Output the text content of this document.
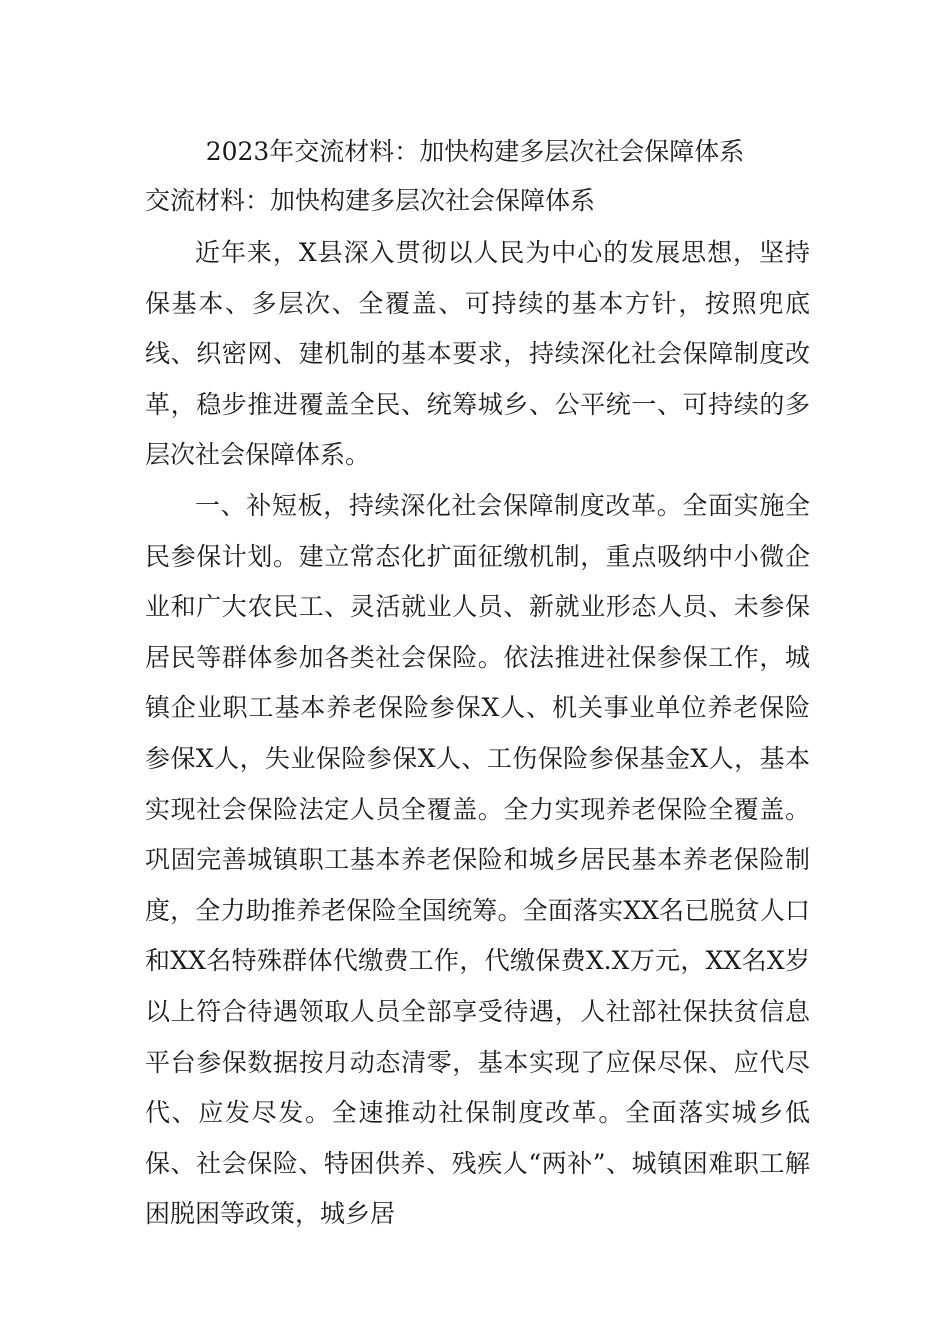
2023年交流材料：加快构建多层次社会保障体系
交流材料：加快构建多层次社会保障体系

近年来，X县深入贯彻以人民为中心的发展思想，坚持保基本、多层次、全覆盖、可持续的基本方针，按照兜底线、织密网、建机制的基本要求，持续深化社会保障制度改革，稳步推进覆盖全民、统筹城乡、公平统一、可持续的多层次社会保障体系。

一、补短板，持续深化社会保障制度改革。全面实施全民参保计划。建立常态化扩面征缴机制，重点吸纳中小微企业和广大农民工、灵活就业人员、新就业形态人员、未参保居民等群体参加各类社会保险。依法推进社保参保工作，城镇企业职工基本养老保险参保X人、机关事业单位养老保险参保X人，失业保险参保X人、工伤保险参保基金X人，基本实现社会保险法定人员全覆盖。全力实现养老保险全覆盖。巩固完善城镇职工基本养老保险和城乡居民基本养老保险制度，全力助推养老保险全国统筹。全面落实XX名已脱贫人口和XX名特殊群体代缴费工作，代缴保费X.X万元，XX名X岁以上符合待遇领取人员全部享受待遇，人社部社保扶贫信息平台参保数据按月动态清零，基本实现了应保尽保、应代尽代、应发尽发。全速推动社保制度改革。全面落实城乡低保、社会保险、特困供养、残疾人“两补”、城镇困难职工解困脱困等政策，城乡居
